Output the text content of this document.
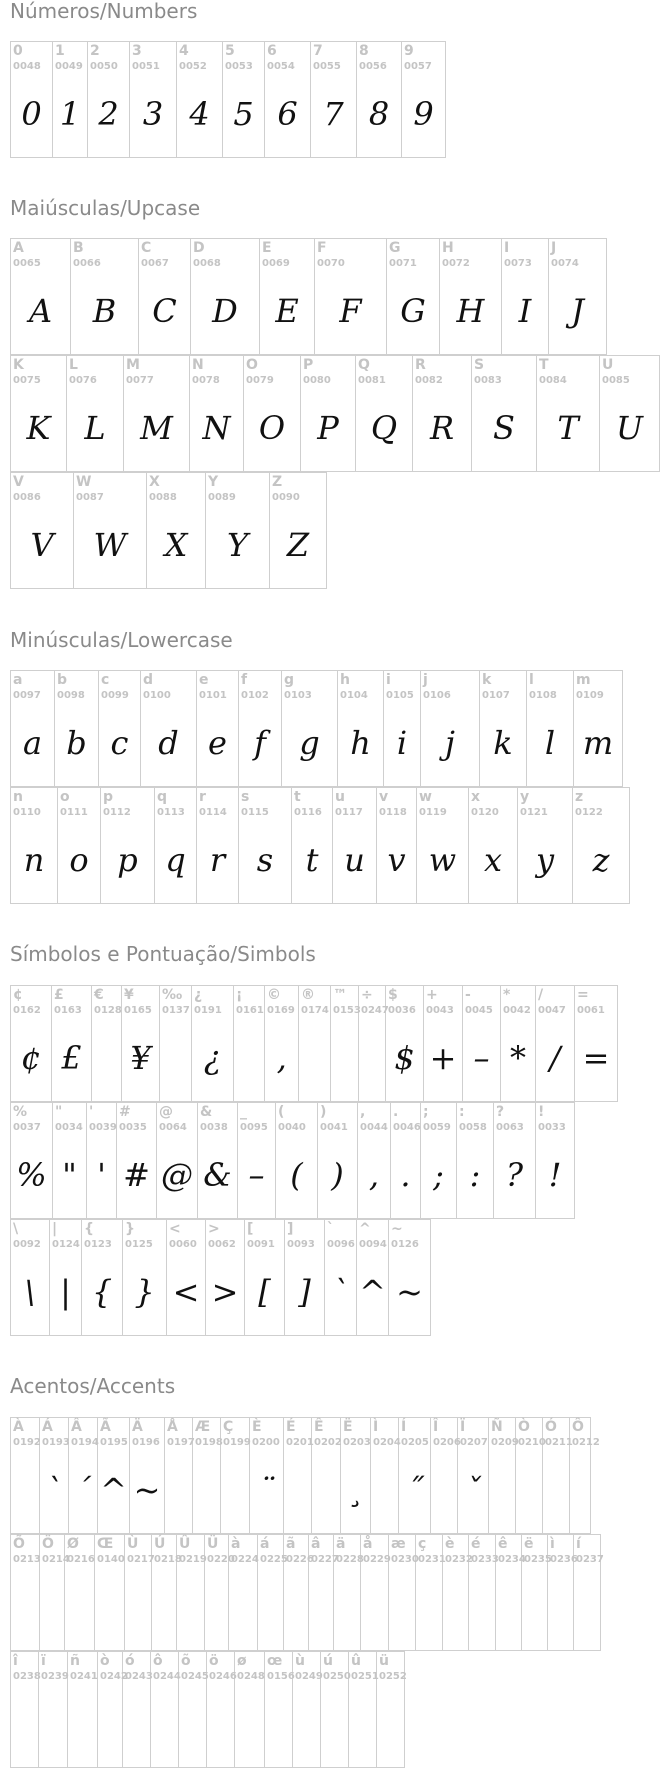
Números/Numbers
0
0048
0
1
0049
1
2
0050
2
3
0051
3
4
0052
4
5
0053
5
6
0054
6
7
0055
7
8
0056
8
9
0057
9
Maiúsculas/Upcase
A
0065
A
B
0066
B
C
0067
C
D
0068
D
E
0069
E
F
0070
F
G
0071
G
H
0072
H
I
0073
I
J
0074
J
K
0075
K
L
0076
L
M
0077
M
N
0078
N
O
0079
O
P
0080
P
Q
0081
Q
R
0082
R
S
0083
S
T
0084
T
U
0085
U
V
0086
V
W
0087
W
X
0088
X
Y
0089
Y
Z
0090
Z
Minúsculas/Lowercase
a
0097
a
b
0098
b
c
0099
c
d
0100
d
e
0101
e
f
0102
f
g
0103
g
h
0104
h
i
0105
i
j
0106
j
k
0107
k
l
0108
l
m
0109
m
n
0110
n
o
0111
o
p
0112
p
q
0113
q
r
0114
r
s
0115
s
t
0116
t
u
0117
u
v
0118
v
w
0119
w
x
0120
x
y
0121
y
z
0122
z
Símbolos e Pontuação/Simbols
¢
0162
¢
£
0163
£
€
0128
¥
0165
¥
‰
0137
¿
0191
¿
¡
0161
©
0169
‚
®
0174
™
0153
÷
0247
$
0036
$
+
0043
+
-
0045
–
*
0042
*
/
0047
/
=
0061
=
%
0037
%
"
0034
"
'
0039
'
#
0035
#
@
0064
@
&
0038
&
_
0095
–
(
0040
(
)
0041
)
,
0044
,
.
0046
.
;
0059
;
:
0058
:
?
0063
?
!
0033
!
\
0092
\
|
0124
|
{
0123
{
}
0125
}
<
0060
<
>
0062
>
[
0091
[
]
0093
]
`
0096
`
^
0094
^
~
0126
~
Acentos/Accents
À
0192
Á
0193
`
Â
0194
´
Ã
0195
^
Ä
0196
~
Å
0197
Æ
0198
Ç
0199
È
0200
¨
É
0201
Ê
0202
Ë
0203
¸
Ì
0204
Í
0205
˝
Î
0206
Ï
0207
ˇ
Ñ
0209
Ò
0210
Ó
0211
Ô
0212
Õ
0213
Ö
0214
Ø
0216
Œ
0140
Ù
0217
Ú
0218
Û
0219
Ü
0220
à
0224
á
0225
ã
0226
â
0227
ä
0228
å
0229
æ
0230
ç
0231
è
0232
é
0233
ê
0234
ë
0235
ì
0236
í
0237
î
0238
ï
0239
ñ
0241
ò
0242
ó
0243
ô
0244
õ
0245
ö
0246
ø
0248
œ
0156
ù
0249
ú
0250
û
0251
ü
0252
